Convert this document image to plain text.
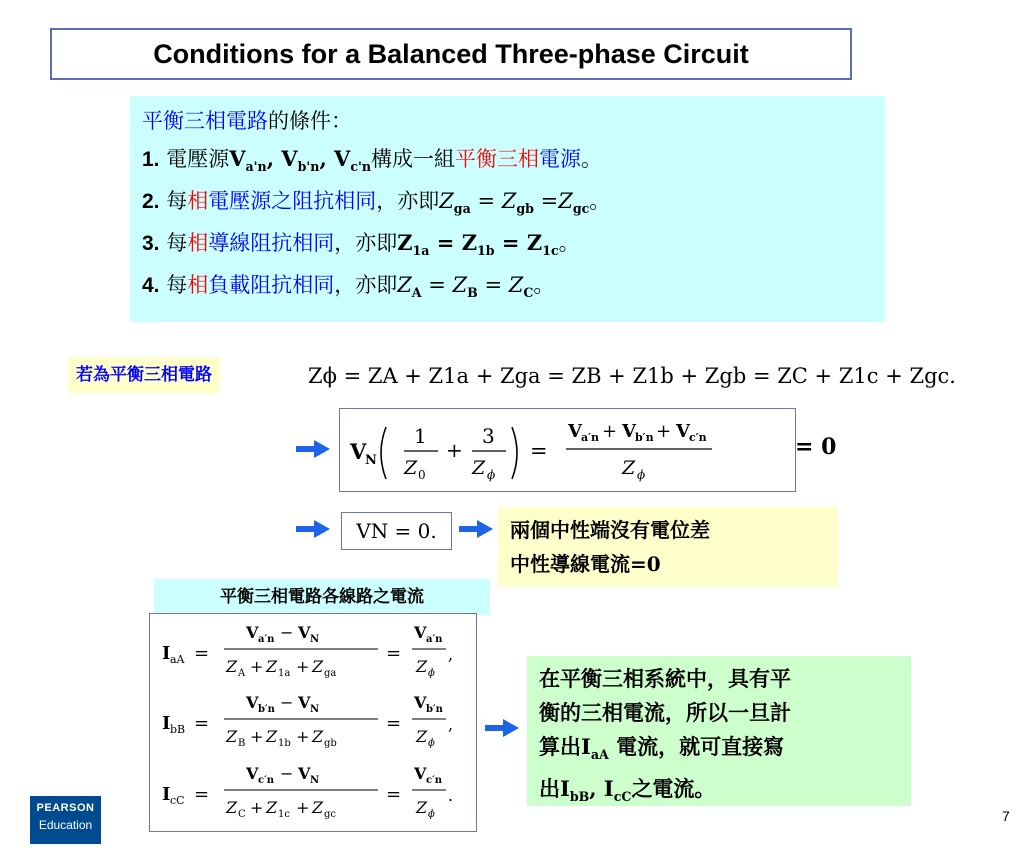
Conditions for a Balanced Three-phase Circuit
平衡三相電路的條件：
1. 電壓源$V_{a'n}$, $V_{b'n}$, $V_{c'n}$構成一組平衡三相電源。
2. 每相電壓源之阻抗相同，亦即$Z_{ga} = Z_{gb} =Z_{gc}$。
3. 每相導線阻抗相同，亦即$Z_{1a} = Z_{1b} = Z_{1c}$。
4. 每相負載阻抗相同，亦即$Z_A = Z_B = Z_C$。
若為平衡三相電路	Zϕ = ZA + Z1a + Zga = ZB + Z1b + Zgb = ZC + Z1c + Zgc.
V
N
1
Z 0
+
3
Z ϕ
=
V a′n + V b′n + V c′n
Z ϕ
= 0
VN = 0.	兩個中性端沒有電位差
中性導線電流=0
平衡三相電路各線路之電流
I aA =
V a′n − V N
Z A + Z 1a + Z ga
=
V a′n
Z ϕ
,
I bB =
V b′n − V N
Z B + Z 1b + Z gb
=
V b′n
Z ϕ
,
I cC =
V c′n − V N
Z C + Z 1c + Z gc
=
V c′n
Z ϕ
.
在平衡三相系統中，具有平
衡的三相電流，所以一旦計
算出$I_{aA}$ 電流，就可直接寫
出$I_{bB}$, $I_{cC}$之電流。
PEARSON
Education
7
